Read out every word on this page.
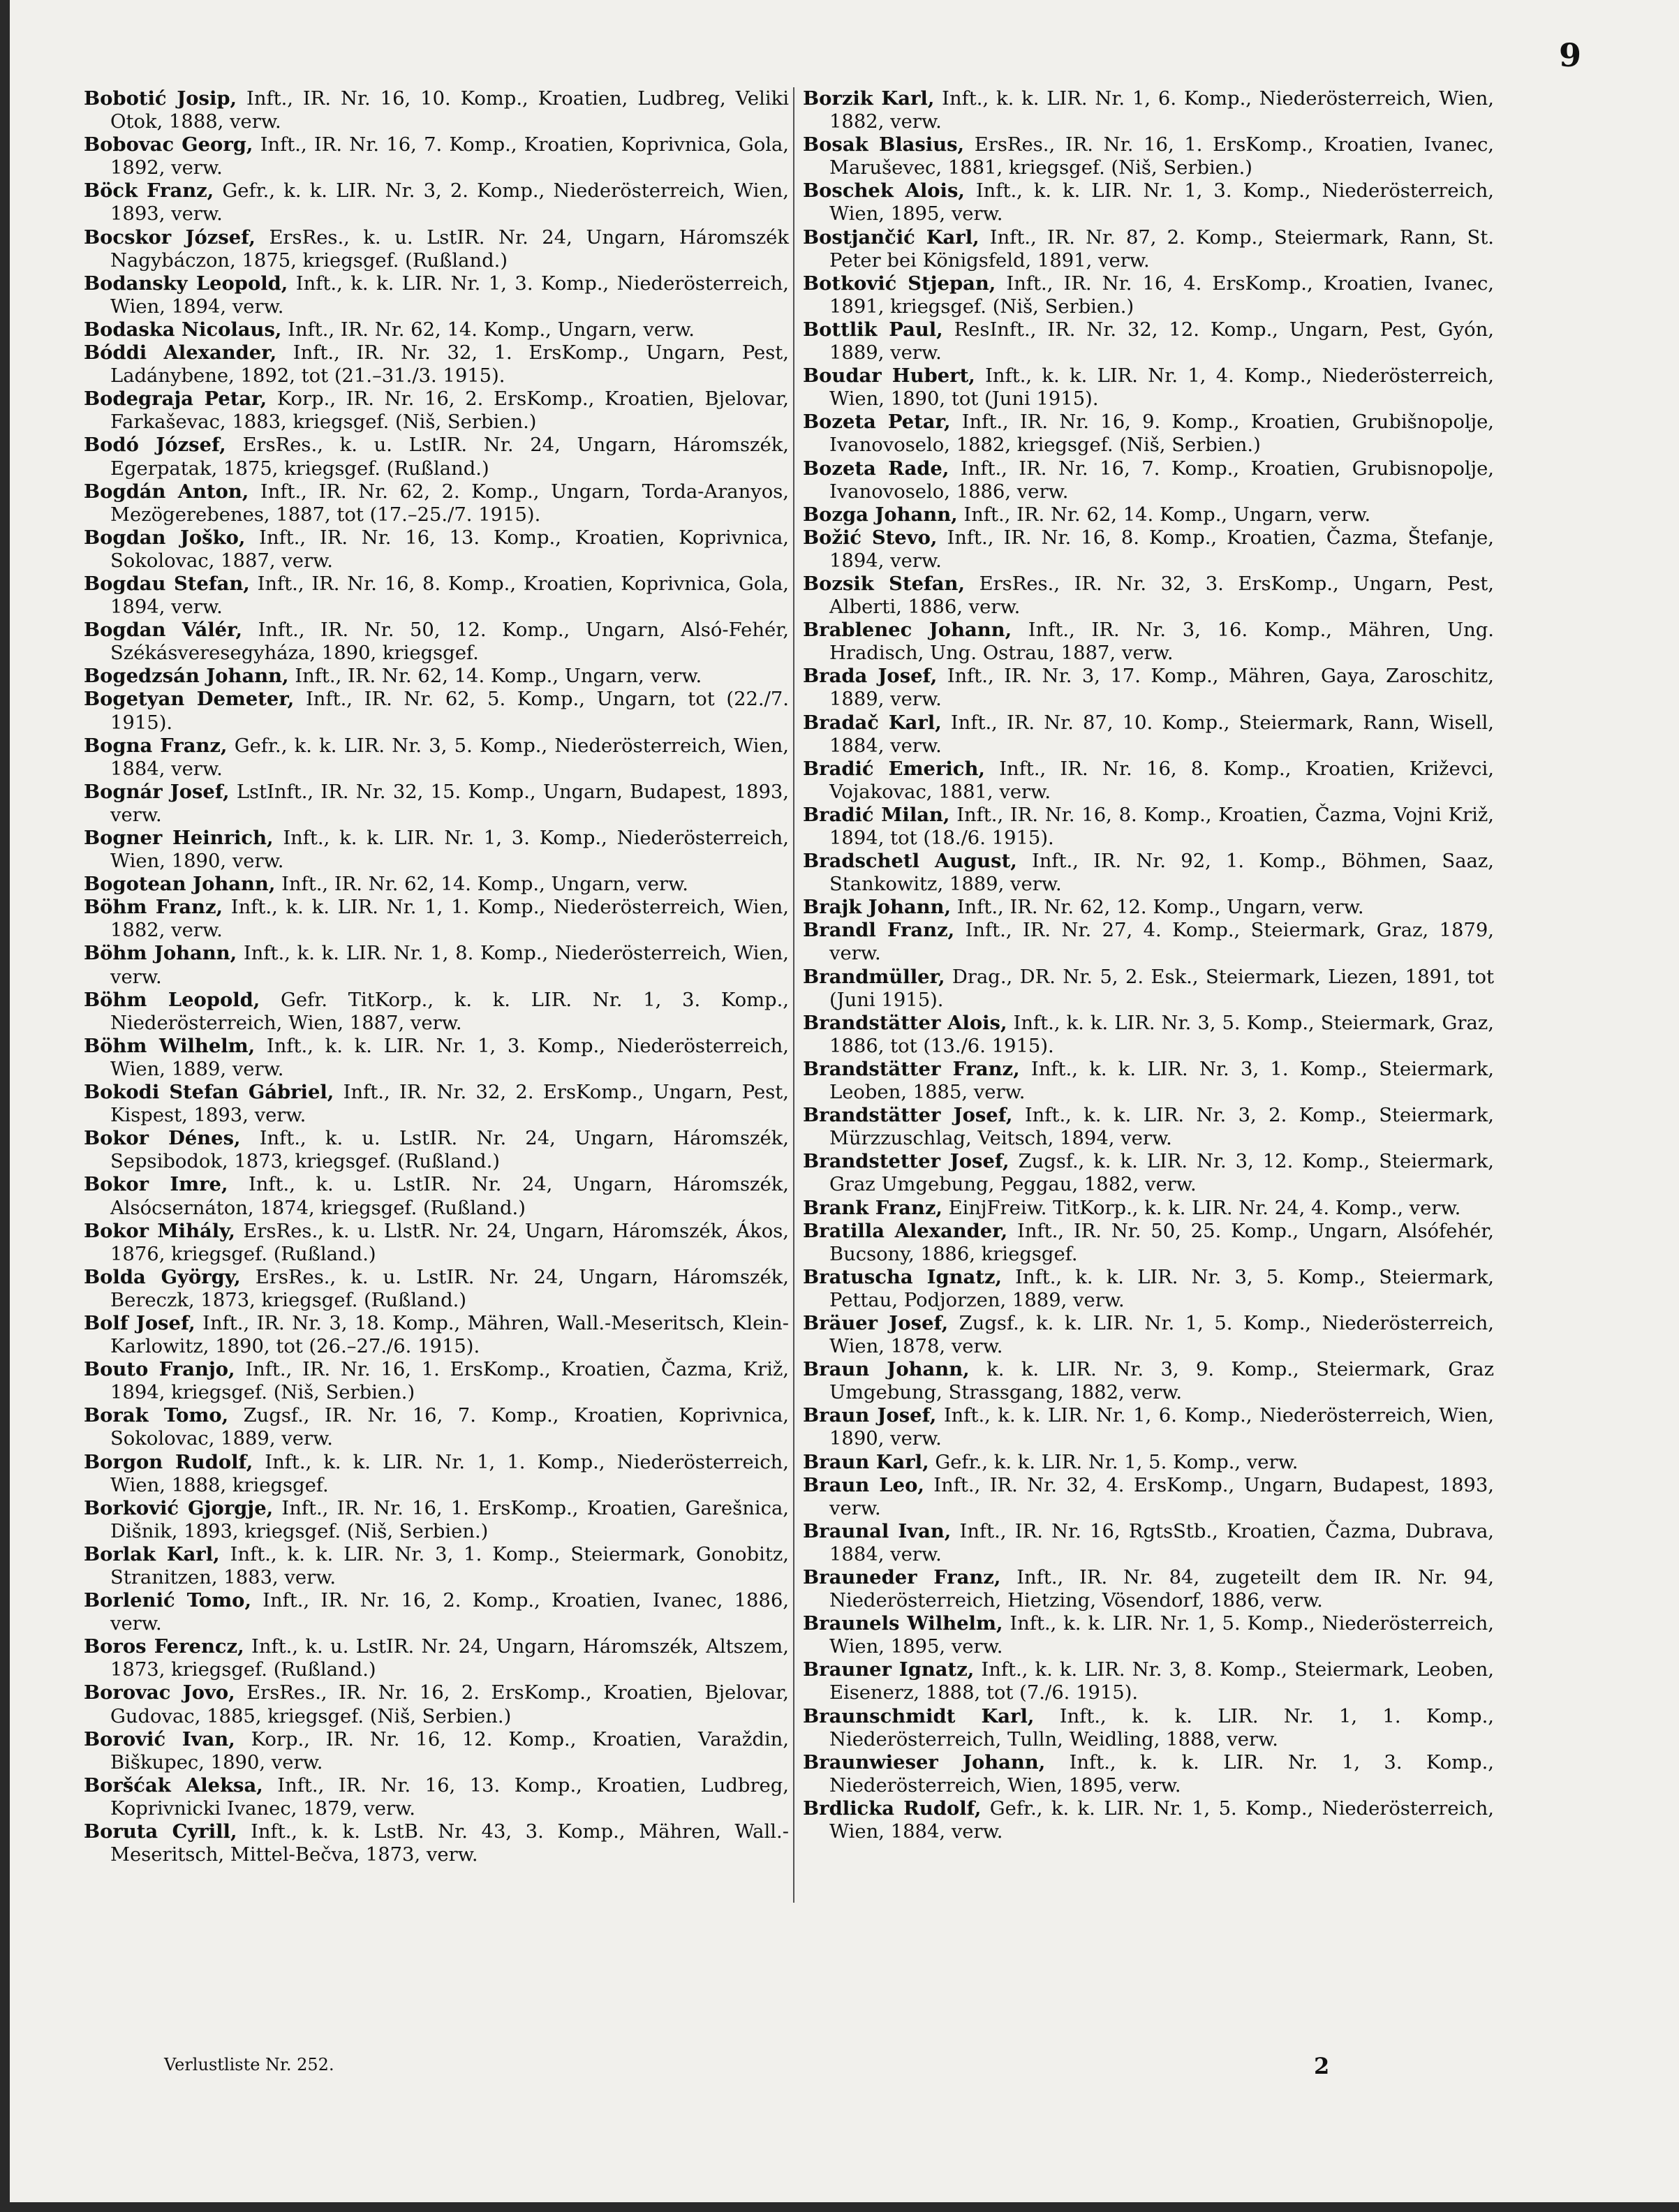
9

Bobotić Josip, Inft., IR. Nr. 16, 10. Komp., Kroatien, Ludbreg, Veliki Otok, 1888, verw.

Bobovac Georg, Inft., IR. Nr. 16, 7. Komp., Kroatien, Koprivnica, Gola, 1892, verw.

Böck Franz, Gefr., k. k. LIR. Nr. 3, 2. Komp., Niederösterreich, Wien, 1893, verw.

Bocskor József, ErsRes., k. u. LstIR. Nr. 24, Ungarn, Háromszék Nagybáczon, 1875, kriegsgef. (Rußland.)

Bodansky Leopold, Inft., k. k. LIR. Nr. 1, 3. Komp., Niederösterreich, Wien, 1894, verw.

Bodaska Nicolaus, Inft., IR. Nr. 62, 14. Komp., Ungarn, verw.

Bóddi Alexander, Inft., IR. Nr. 32, 1. ErsKomp., Ungarn, Pest, Ladánybene, 1892, tot (21.–31./3. 1915).

Bodegraja Petar, Korp., IR. Nr. 16, 2. ErsKomp., Kroatien, Bjelovar, Farkaševac, 1883, kriegsgef. (Niš, Serbien.)

Bodó József, ErsRes., k. u. LstIR. Nr. 24, Ungarn, Háromszék, Egerpatak, 1875, kriegsgef. (Rußland.)

Bogdán Anton, Inft., IR. Nr. 62, 2. Komp., Ungarn, Torda-Aranyos, Mezögerebenes, 1887, tot (17.–25./7. 1915).

Bogdan Joško, Inft., IR. Nr. 16, 13. Komp., Kroatien, Koprivnica, Sokolovac, 1887, verw.

Bogdau Stefan, Inft., IR. Nr. 16, 8. Komp., Kroatien, Koprivnica, Gola, 1894, verw.

Bogdan Válér, Inft., IR. Nr. 50, 12. Komp., Ungarn, Alsó-Fehér, Székásveresegyháza, 1890, kriegsgef.

Bogedzsán Johann, Inft., IR. Nr. 62, 14. Komp., Ungarn, verw.

Bogetyan Demeter, Inft., IR. Nr. 62, 5. Komp., Ungarn, tot (22./7. 1915).

Bogna Franz, Gefr., k. k. LIR. Nr. 3, 5. Komp., Niederösterreich, Wien, 1884, verw.

Bognár Josef, LstInft., IR. Nr. 32, 15. Komp., Ungarn, Budapest, 1893, verw.

Bogner Heinrich, Inft., k. k. LIR. Nr. 1, 3. Komp., Niederösterreich, Wien, 1890, verw.

Bogotean Johann, Inft., IR. Nr. 62, 14. Komp., Ungarn, verw.

Böhm Franz, Inft., k. k. LIR. Nr. 1, 1. Komp., Niederösterreich, Wien, 1882, verw.

Böhm Johann, Inft., k. k. LIR. Nr. 1, 8. Komp., Niederösterreich, Wien, verw.

Böhm Leopold, Gefr. TitKorp., k. k. LIR. Nr. 1, 3. Komp., Niederösterreich, Wien, 1887, verw.

Böhm Wilhelm, Inft., k. k. LIR. Nr. 1, 3. Komp., Niederösterreich, Wien, 1889, verw.

Bokodi Stefan Gábriel, Inft., IR. Nr. 32, 2. ErsKomp., Ungarn, Pest, Kispest, 1893, verw.

Bokor Dénes, Inft., k. u. LstIR. Nr. 24, Ungarn, Háromszék, Sepsibodok, 1873, kriegsgef. (Rußland.)

Bokor Imre, Inft., k. u. LstIR. Nr. 24, Ungarn, Háromszék, Alsócsernáton, 1874, kriegsgef. (Rußland.)

Bokor Mihály, ErsRes., k. u. LlstR. Nr. 24, Ungarn, Háromszék, Ákos, 1876, kriegsgef. (Rußland.)

Bolda György, ErsRes., k. u. LstIR. Nr. 24, Ungarn, Háromszék, Bereczk, 1873, kriegsgef. (Rußland.)

Bolf Josef, Inft., IR. Nr. 3, 18. Komp., Mähren, Wall.-Meseritsch, Klein-Karlowitz, 1890, tot (26.–27./6. 1915).

Bouto Franjo, Inft., IR. Nr. 16, 1. ErsKomp., Kroatien, Čazma, Križ, 1894, kriegsgef. (Niš, Serbien.)

Borak Tomo, Zugsf., IR. Nr. 16, 7. Komp., Kroatien, Koprivnica, Sokolovac, 1889, verw.

Borgon Rudolf, Inft., k. k. LIR. Nr. 1, 1. Komp., Niederösterreich, Wien, 1888, kriegsgef.

Borković Gjorgje, Inft., IR. Nr. 16, 1. ErsKomp., Kroatien, Garešnica, Dišnik, 1893, kriegsgef. (Niš, Serbien.)

Borlak Karl, Inft., k. k. LIR. Nr. 3, 1. Komp., Steiermark, Gonobitz, Stranitzen, 1883, verw.

Borlenić Tomo, Inft., IR. Nr. 16, 2. Komp., Kroatien, Ivanec, 1886, verw.

Boros Ferencz, Inft., k. u. LstIR. Nr. 24, Ungarn, Háromszék, Altszem, 1873, kriegsgef. (Rußland.)

Borovac Jovo, ErsRes., IR. Nr. 16, 2. ErsKomp., Kroatien, Bjelovar, Gudovac, 1885, kriegsgef. (Niš, Serbien.)

Borović Ivan, Korp., IR. Nr. 16, 12. Komp., Kroatien, Varaždin, Biškupec, 1890, verw.

Boršćak Aleksa, Inft., IR. Nr. 16, 13. Komp., Kroatien, Ludbreg, Koprivnicki Ivanec, 1879, verw.

Boruta Cyrill, Inft., k. k. LstB. Nr. 43, 3. Komp., Mähren, Wall.-Meseritsch, Mittel-Bečva, 1873, verw.

Borzik Karl, Inft., k. k. LIR. Nr. 1, 6. Komp., Niederösterreich, Wien, 1882, verw.

Bosak Blasius, ErsRes., IR. Nr. 16, 1. ErsKomp., Kroatien, Ivanec, Maruševec, 1881, kriegsgef. (Niš, Serbien.)

Boschek Alois, Inft., k. k. LIR. Nr. 1, 3. Komp., Niederösterreich, Wien, 1895, verw.

Bostjančić Karl, Inft., IR. Nr. 87, 2. Komp., Steiermark, Rann, St. Peter bei Königsfeld, 1891, verw.

Botković Stjepan, Inft., IR. Nr. 16, 4. ErsKomp., Kroatien, Ivanec, 1891, kriegsgef. (Niš, Serbien.)

Bottlik Paul, ResInft., IR. Nr. 32, 12. Komp., Ungarn, Pest, Gyón, 1889, verw.

Boudar Hubert, Inft., k. k. LIR. Nr. 1, 4. Komp., Niederösterreich, Wien, 1890, tot (Juni 1915).

Bozeta Petar, Inft., IR. Nr. 16, 9. Komp., Kroatien, Grubišnopolje, Ivanovoselo, 1882, kriegsgef. (Niš, Serbien.)

Bozeta Rade, Inft., IR. Nr. 16, 7. Komp., Kroatien, Grubisnopolje, Ivanovoselo, 1886, verw.

Bozga Johann, Inft., IR. Nr. 62, 14. Komp., Ungarn, verw.

Božić Stevo, Inft., IR. Nr. 16, 8. Komp., Kroatien, Čazma, Štefanje, 1894, verw.

Bozsik Stefan, ErsRes., IR. Nr. 32, 3. ErsKomp., Ungarn, Pest, Alberti, 1886, verw.

Brablenec Johann, Inft., IR. Nr. 3, 16. Komp., Mähren, Ung. Hradisch, Ung. Ostrau, 1887, verw.

Brada Josef, Inft., IR. Nr. 3, 17. Komp., Mähren, Gaya, Zaroschitz, 1889, verw.

Bradač Karl, Inft., IR. Nr. 87, 10. Komp., Steiermark, Rann, Wisell, 1884, verw.

Bradić Emerich, Inft., IR. Nr. 16, 8. Komp., Kroatien, Križevci, Vojakovac, 1881, verw.

Bradić Milan, Inft., IR. Nr. 16, 8. Komp., Kroatien, Čazma, Vojni Križ, 1894, tot (18./6. 1915).

Bradschetl August, Inft., IR. Nr. 92, 1. Komp., Böhmen, Saaz, Stankowitz, 1889, verw.

Brajk Johann, Inft., IR. Nr. 62, 12. Komp., Ungarn, verw.

Brandl Franz, Inft., IR. Nr. 27, 4. Komp., Steiermark, Graz, 1879, verw.

Brandmüller, Drag., DR. Nr. 5, 2. Esk., Steiermark, Liezen, 1891, tot (Juni 1915).

Brandstätter Alois, Inft., k. k. LIR. Nr. 3, 5. Komp., Steiermark, Graz, 1886, tot (13./6. 1915).

Brandstätter Franz, Inft., k. k. LIR. Nr. 3, 1. Komp., Steiermark, Leoben, 1885, verw.

Brandstätter Josef, Inft., k. k. LIR. Nr. 3, 2. Komp., Steiermark, Mürzzuschlag, Veitsch, 1894, verw.

Brandstetter Josef, Zugsf., k. k. LIR. Nr. 3, 12. Komp., Steiermark, Graz Umgebung, Peggau, 1882, verw.

Brank Franz, EinjFreiw. TitKorp., k. k. LIR. Nr. 24, 4. Komp., verw.

Bratilla Alexander, Inft., IR. Nr. 50, 25. Komp., Ungarn, Alsófehér, Bucsony, 1886, kriegsgef.

Bratuscha Ignatz, Inft., k. k. LIR. Nr. 3, 5. Komp., Steiermark, Pettau, Podjorzen, 1889, verw.

Bräuer Josef, Zugsf., k. k. LIR. Nr. 1, 5. Komp., Niederösterreich, Wien, 1878, verw.

Braun Johann, k. k. LIR. Nr. 3, 9. Komp., Steiermark, Graz Umgebung, Strassgang, 1882, verw.

Braun Josef, Inft., k. k. LIR. Nr. 1, 6. Komp., Niederösterreich, Wien, 1890, verw.

Braun Karl, Gefr., k. k. LIR. Nr. 1, 5. Komp., verw.

Braun Leo, Inft., IR. Nr. 32, 4. ErsKomp., Ungarn, Budapest, 1893, verw.

Braunal Ivan, Inft., IR. Nr. 16, RgtsStb., Kroatien, Čazma, Dubrava, 1884, verw.

Brauneder Franz, Inft., IR. Nr. 84, zugeteilt dem IR. Nr. 94, Niederösterreich, Hietzing, Vösendorf, 1886, verw.

Braunels Wilhelm, Inft., k. k. LIR. Nr. 1, 5. Komp., Niederösterreich, Wien, 1895, verw.

Brauner Ignatz, Inft., k. k. LIR. Nr. 3, 8. Komp., Steiermark, Leoben, Eisenerz, 1888, tot (7./6. 1915).

Braunschmidt Karl, Inft., k. k. LIR. Nr. 1, 1. Komp., Niederösterreich, Tulln, Weidling, 1888, verw.

Braunwieser Johann, Inft., k. k. LIR. Nr. 1, 3. Komp., Niederösterreich, Wien, 1895, verw.

Brdlicka Rudolf, Gefr., k. k. LIR. Nr. 1, 5. Komp., Niederösterreich, Wien, 1884, verw.

Verlustliste Nr. 252.	2
